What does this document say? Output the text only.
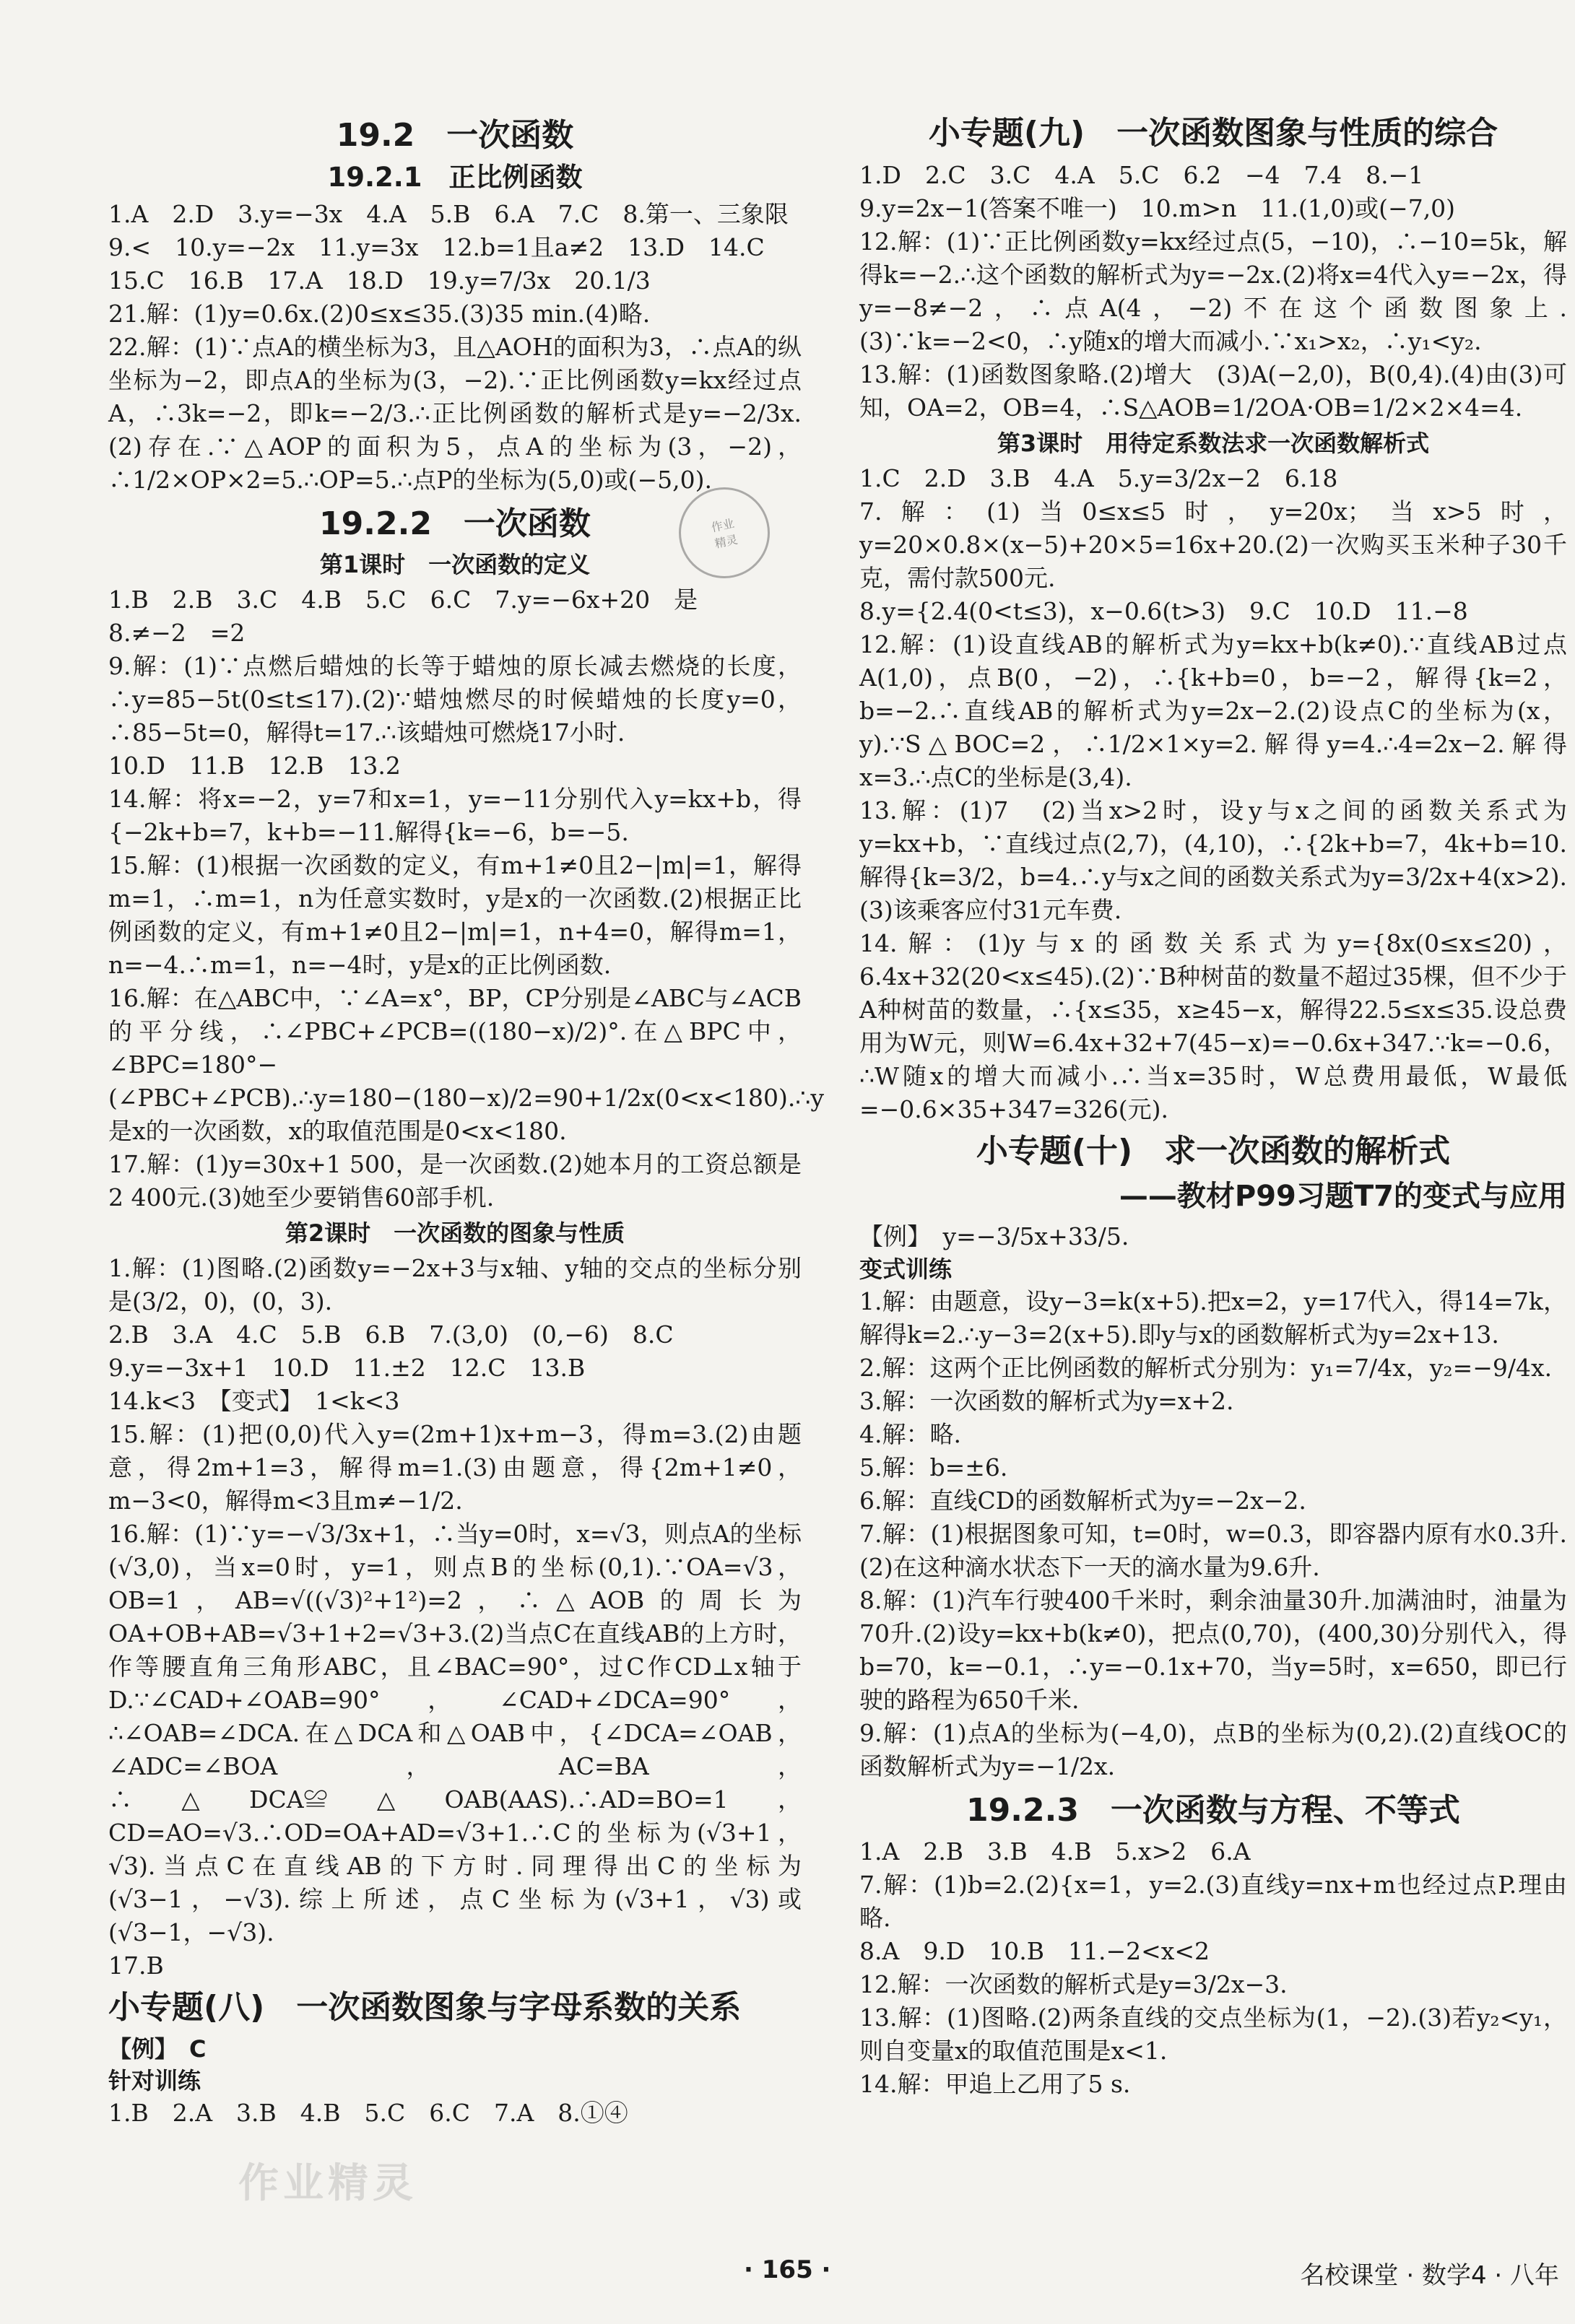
19.2　一次函数
19.2.1　正比例函数
1.A　2.D　3.y=−3x　4.A　5.B　6.A　7.C　8.第一、三象限
9.<　10.y=−2x　11.y=3x　12.b=1且a≠2　13.D　14.C
15.C　16.B　17.A　18.D　19.y=7/3x　20.1/3
21.解：(1)y=0.6x.(2)0≤x≤35.(3)35 min.(4)略.
22.解：(1)∵点A的横坐标为3，且△AOH的面积为3，∴点A的纵坐标为−2，即点A的坐标为(3，−2).∵正比例函数y=kx经过点A，∴3k=−2，即k=−2/3.∴正比例函数的解析式是y=−2/3x.(2)存在.∵△AOP的面积为5，点A的坐标为(3，−2)，∴1/2×OP×2=5.∴OP=5.∴点P的坐标为(5,0)或(−5,0).
19.2.2　一次函数
第1课时　一次函数的定义
1.B　2.B　3.C　4.B　5.C　6.C　7.y=−6x+20　是
8.≠−2　=2
9.解：(1)∵点燃后蜡烛的长等于蜡烛的原长减去燃烧的长度，∴y=85−5t(0≤t≤17).(2)∵蜡烛燃尽的时候蜡烛的长度y=0，∴85−5t=0，解得t=17.∴该蜡烛可燃烧17小时.
10.D　11.B　12.B　13.2
14.解：将x=−2，y=7和x=1，y=−11分别代入y=kx+b，得{−2k+b=7，k+b=−11.解得{k=−6，b=−5.
15.解：(1)根据一次函数的定义，有m+1≠0且2−|m|=1，解得m=1，∴m=1，n为任意实数时，y是x的一次函数.(2)根据正比例函数的定义，有m+1≠0且2−|m|=1，n+4=0，解得m=1，n=−4.∴m=1，n=−4时，y是x的正比例函数.
16.解：在△ABC中，∵∠A=x°，BP，CP分别是∠ABC与∠ACB的平分线，∴∠PBC+∠PCB=((180−x)/2)°.在△BPC中，∠BPC=180°−(∠PBC+∠PCB).∴y=180−(180−x)/2=90+1/2x(0<x<180).∴y是x的一次函数，x的取值范围是0<x<180.
17.解：(1)y=30x+1 500，是一次函数.(2)她本月的工资总额是2 400元.(3)她至少要销售60部手机.
第2课时　一次函数的图象与性质
1.解：(1)图略.(2)函数y=−2x+3与x轴、y轴的交点的坐标分别是(3/2，0)，(0，3).
2.B　3.A　4.C　5.B　6.B　7.(3,0)　(0,−6)　8.C
9.y=−3x+1　10.D　11.±2　12.C　13.B
14.k<3　【变式】　1<k<3
15.解：(1)把(0,0)代入y=(2m+1)x+m−3，得m=3.(2)由题意，得2m+1=3，解得m=1.(3)由题意，得{2m+1≠0，m−3<0，解得m<3且m≠−1/2.
16.解：(1)∵y=−√3/3x+1，∴当y=0时，x=√3，则点A的坐标(√3,0)，当x=0时，y=1，则点B的坐标(0,1).∵OA=√3，OB=1，AB=√((√3)²+1²)=2，∴△AOB的周长为OA+OB+AB=√3+1+2=√3+3.(2)当点C在直线AB的上方时，作等腰直角三角形ABC，且∠BAC=90°，过C作CD⊥x轴于D.∵∠CAD+∠OAB=90°，∠CAD+∠DCA=90°，∴∠OAB=∠DCA.在△DCA和△OAB中，{∠DCA=∠OAB，∠ADC=∠BOA，AC=BA，∴△DCA≌△OAB(AAS).∴AD=BO=1，CD=AO=√3.∴OD=OA+AD=√3+1.∴C的坐标为(√3+1，√3).当点C在直线AB的下方时.同理得出C的坐标为(√3−1，−√3).综上所述，点C坐标为(√3+1，√3)或(√3−1，−√3).
17.B
小专题(八)　一次函数图象与字母系数的关系
【例】　C
针对训练
1.B　2.A　3.B　4.B　5.C　6.C　7.A　8.①④
小专题(九)　一次函数图象与性质的综合
1.D　2.C　3.C　4.A　5.C　6.2　−4　7.4　8.−1
9.y=2x−1(答案不唯一)　10.m>n　11.(1,0)或(−7,0)
12.解：(1)∵正比例函数y=kx经过点(5，−10)，∴−10=5k，解得k=−2.∴这个函数的解析式为y=−2x.(2)将x=4代入y=−2x，得y=−8≠−2，∴点A(4，−2)不在这个函数图象上.(3)∵k=−2<0，∴y随x的增大而减小.∵x₁>x₂，∴y₁<y₂.
13.解：(1)函数图象略.(2)增大　(3)A(−2,0)，B(0,4).(4)由(3)可知，OA=2，OB=4，∴S△AOB=1/2OA·OB=1/2×2×4=4.
第3课时　用待定系数法求一次函数解析式
1.C　2.D　3.B　4.A　5.y=3/2x−2　6.18
7.解：(1)当0≤x≤5时，y=20x；当x>5时，y=20×0.8×(x−5)+20×5=16x+20.(2)一次购买玉米种子30千克，需付款500元.
8.y={2.4(0<t≤3)，x−0.6(t>3)　9.C　10.D　11.−8
12.解：(1)设直线AB的解析式为y=kx+b(k≠0).∵直线AB过点A(1,0)，点B(0，−2)，∴{k+b=0，b=−2，解得{k=2，b=−2.∴直线AB的解析式为y=2x−2.(2)设点C的坐标为(x，y).∵S△BOC=2，∴1/2×1×y=2.解得y=4.∴4=2x−2.解得x=3.∴点C的坐标是(3,4).
13.解：(1)7　(2)当x>2时，设y与x之间的函数关系式为y=kx+b，∵直线过点(2,7)，(4,10)，∴{2k+b=7，4k+b=10.解得{k=3/2，b=4.∴y与x之间的函数关系式为y=3/2x+4(x>2).(3)该乘客应付31元车费.
14.解：(1)y与x的函数关系式为y={8x(0≤x≤20)，6.4x+32(20<x≤45).(2)∵B种树苗的数量不超过35棵，但不少于A种树苗的数量，∴{x≤35，x≥45−x，解得22.5≤x≤35.设总费用为W元，则W=6.4x+32+7(45−x)=−0.6x+347.∵k=−0.6，∴W随x的增大而减小.∴当x=35时，W总费用最低，W最低=−0.6×35+347=326(元).
小专题(十)　求一次函数的解析式
——教材P99习题T7的变式与应用
【例】　y=−3/5x+33/5.
变式训练
1.解：由题意，设y−3=k(x+5).把x=2，y=17代入，得14=7k，解得k=2.∴y−3=2(x+5).即y与x的函数解析式为y=2x+13.
2.解：这两个正比例函数的解析式分别为：y₁=7/4x，y₂=−9/4x.
3.解：一次函数的解析式为y=x+2.
4.解：略.
5.解：b=±6.
6.解：直线CD的函数解析式为y=−2x−2.
7.解：(1)根据图象可知，t=0时，w=0.3，即容器内原有水0.3升.(2)在这种滴水状态下一天的滴水量为9.6升.
8.解：(1)汽车行驶400千米时，剩余油量30升.加满油时，油量为70升.(2)设y=kx+b(k≠0)，把点(0,70)，(400,30)分别代入，得b=70，k=−0.1，∴y=−0.1x+70，当y=5时，x=650，即已行驶的路程为650千米.
9.解：(1)点A的坐标为(−4,0)，点B的坐标为(0,2).(2)直线OC的函数解析式为y=−1/2x.
19.2.3　一次函数与方程、不等式
1.A　2.B　3.B　4.B　5.x>2　6.A
7.解：(1)b=2.(2){x=1，y=2.(3)直线y=nx+m也经过点P.理由略.
8.A　9.D　10.B　11.−2<x<2
12.解：一次函数的解析式是y=3/2x−3.
13.解：(1)图略.(2)两条直线的交点坐标为(1，−2).(3)若y₂<y₁，则自变量x的取值范围是x<1.
14.解：甲追上乙用了5 s.
作业
精灵
作业精灵
· 165 ·	名校课堂 · 数学4 · 八年
